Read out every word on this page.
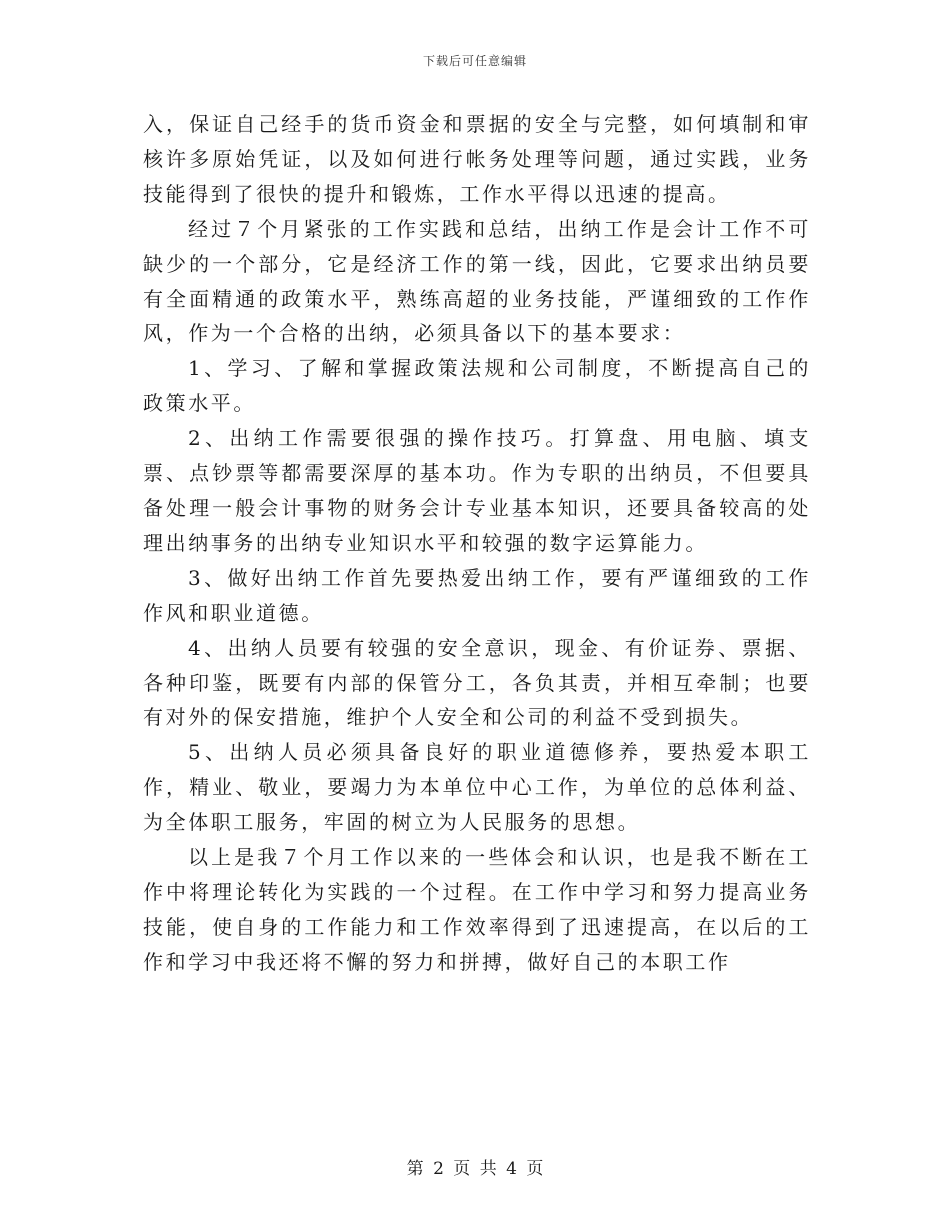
下载后可任意编辑

入，保证自己经手的货币资金和票据的安全与完整，如何填制和审核许多原始凭证，以及如何进行帐务处理等问题，通过实践，业务技能得到了很快的提升和锻炼，工作水平得以迅速的提高。

经过７个月紧张的工作实践和总结，出纳工作是会计工作不可缺少的一个部分，它是经济工作的第一线，因此，它要求出纳员要有全面精通的政策水平，熟练高超的业务技能，严谨细致的工作作风，作为一个合格的出纳，必须具备以下的基本要求：

1、学习、了解和掌握政策法规和公司制度，不断提高自己的政策水平。

2、出纳工作需要很强的操作技巧。打算盘、用电脑、填支票、点钞票等都需要深厚的基本功。作为专职的出纳员，不但要具备处理一般会计事物的财务会计专业基本知识，还要具备较高的处理出纳事务的出纳专业知识水平和较强的数字运算能力。

3、做好出纳工作首先要热爱出纳工作，要有严谨细致的工作作风和职业道德。

4、出纳人员要有较强的安全意识，现金、有价证券、票据、各种印鉴，既要有内部的保管分工，各负其责，并相互牵制；也要有对外的保安措施，维护个人安全和公司的利益不受到损失。

5、出纳人员必须具备良好的职业道德修养，要热爱本职工作，精业、敬业，要竭力为本单位中心工作，为单位的总体利益、为全体职工服务，牢固的树立为人民服务的思想。

以上是我７个月工作以来的一些体会和认识，也是我不断在工作中将理论转化为实践的一个过程。在工作中学习和努力提高业务技能，使自身的工作能力和工作效率得到了迅速提高，在以后的工作和学习中我还将不懈的努力和拼搏，做好自己的本职工作

第 2 页 共 4 页
